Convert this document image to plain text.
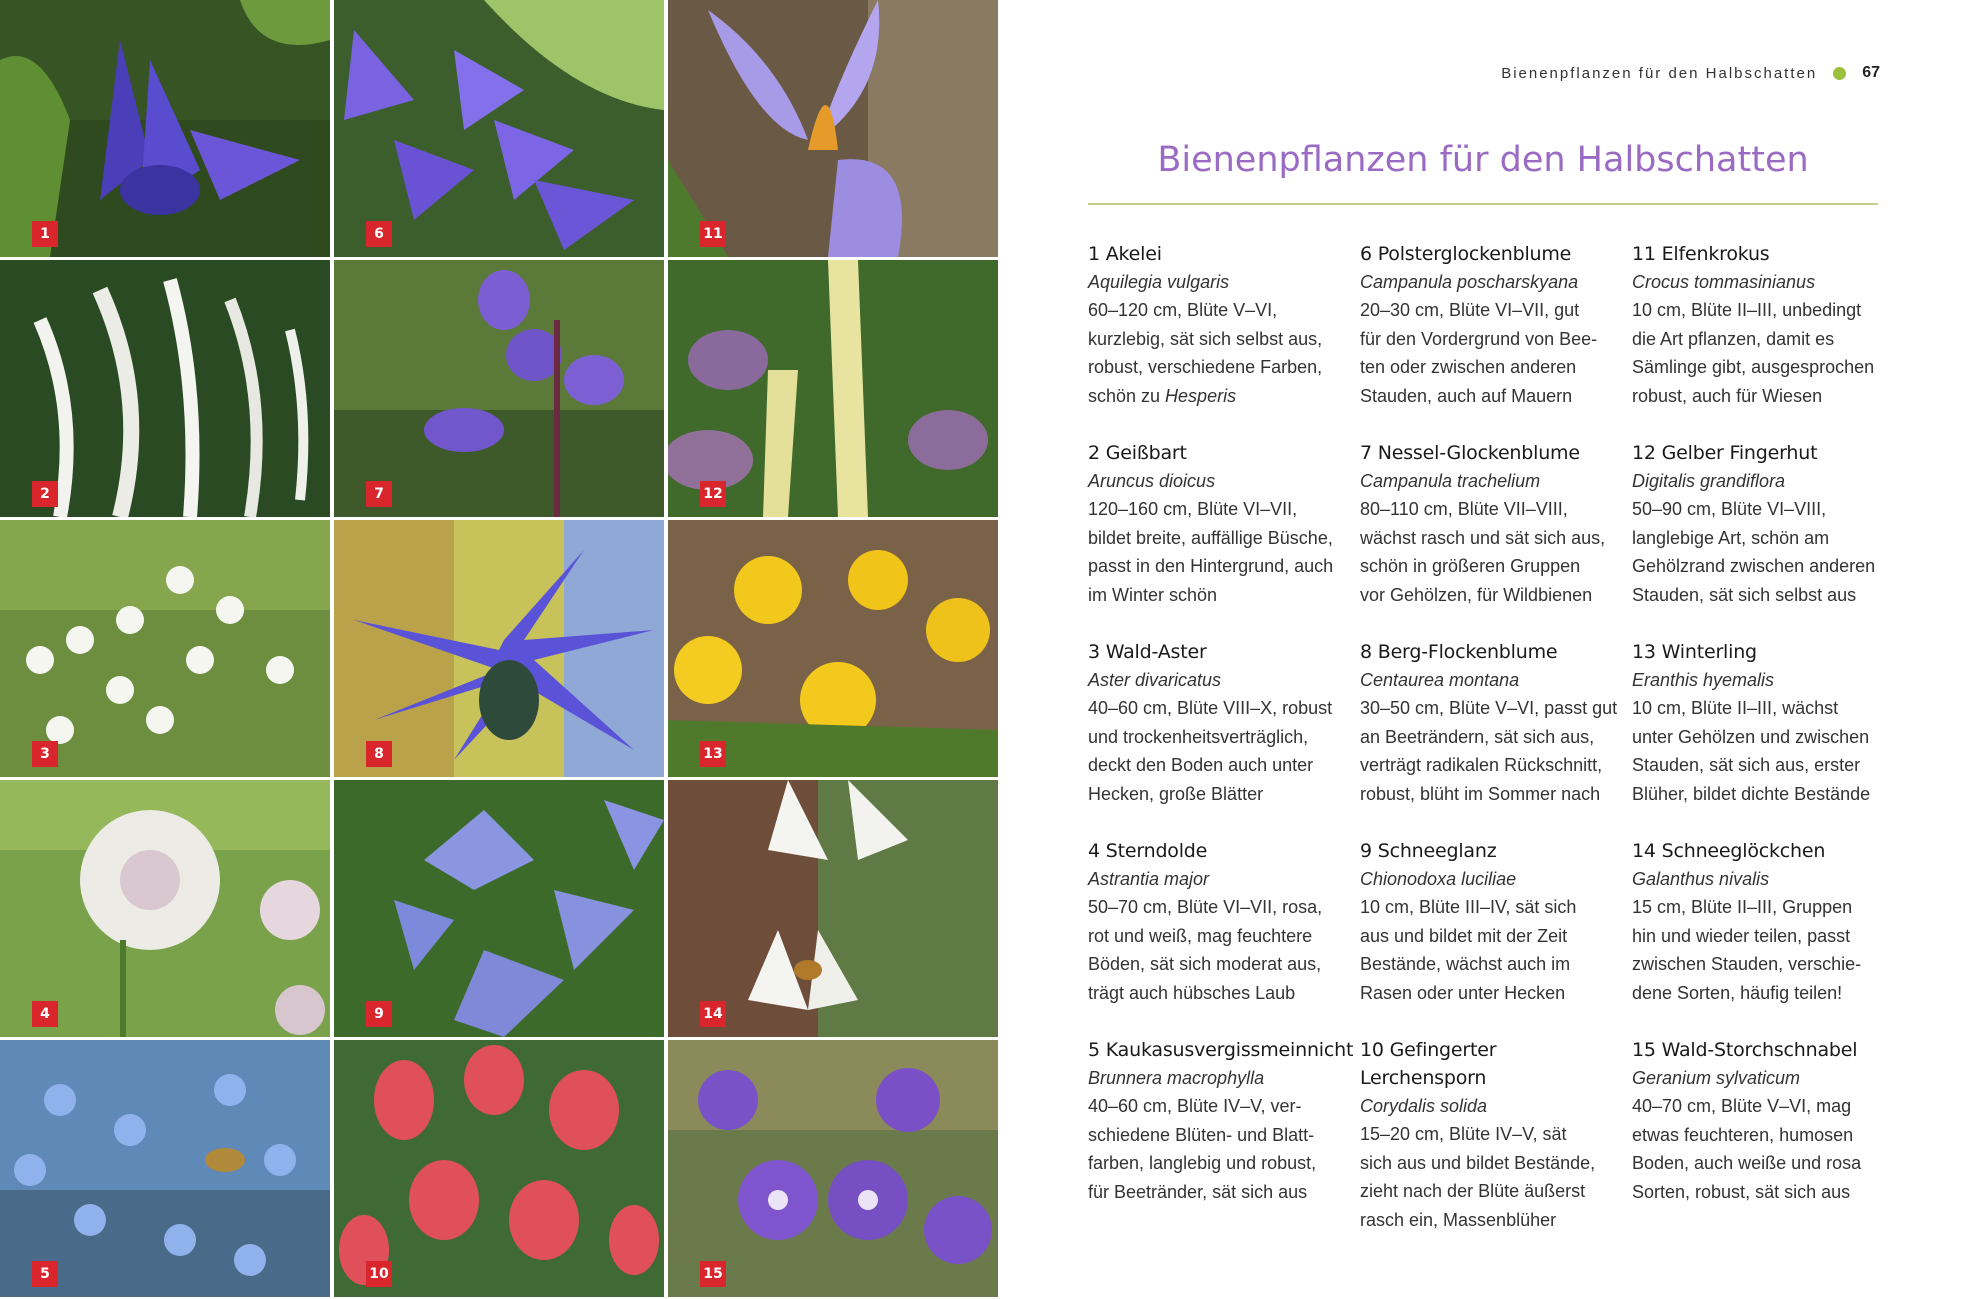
1	6	11
2	7	12
3	8	13
4	9	14
5	10	15
Bienenpflanzen für den Halbschatten	67
Bienenpflanzen für den Halbschatten
1 Akelei
Aquilegia vulgaris
60–120 cm, Blüte V–VI,
kurzlebig, sät sich selbst aus,
robust, verschiedene Farben,
schön zu Hesperis
6 Polsterglockenblume
Campanula poscharskyana
20–30 cm, Blüte VI–VII, gut
für den Vordergrund von Bee-
ten oder zwischen anderen
Stauden, auch auf Mauern
11 Elfenkrokus
Crocus tommasinianus
10 cm, Blüte II–III, unbedingt
die Art pflanzen, damit es
Sämlinge gibt, ausgesprochen
robust, auch für Wiesen
2 Geißbart
Aruncus dioicus
120–160 cm, Blüte VI–VII,
bildet breite, auffällige Büsche,
passt in den Hintergrund, auch
im Winter schön
7 Nessel-Glockenblume
Campanula trachelium
80–110 cm, Blüte VII–VIII,
wächst rasch und sät sich aus,
schön in größeren Gruppen
vor Gehölzen, für Wildbienen
12 Gelber Fingerhut
Digitalis grandiflora
50–90 cm, Blüte VI–VIII,
langlebige Art, schön am
Gehölzrand zwischen anderen
Stauden, sät sich selbst aus
3 Wald-Aster
Aster divaricatus
40–60 cm, Blüte VIII–X, robust
und trockenheitsverträglich,
deckt den Boden auch unter
Hecken, große Blätter
8 Berg-Flockenblume
Centaurea montana
30–50 cm, Blüte V–VI, passt gut
an Beeträndern, sät sich aus,
verträgt radikalen Rückschnitt,
robust, blüht im Sommer nach
13 Winterling
Eranthis hyemalis
10 cm, Blüte II–III, wächst
unter Gehölzen und zwischen
Stauden, sät sich aus, erster
Blüher, bildet dichte Bestände
4 Sterndolde
Astrantia major
50–70 cm, Blüte VI–VII, rosa,
rot und weiß, mag feuchtere
Böden, sät sich moderat aus,
trägt auch hübsches Laub
9 Schneeglanz
Chionodoxa luciliae
10 cm, Blüte III–IV, sät sich
aus und bildet mit der Zeit
Bestände, wächst auch im
Rasen oder unter Hecken
14 Schneeglöckchen
Galanthus nivalis
15 cm, Blüte II–III, Gruppen
hin und wieder teilen, passt
zwischen Stauden, verschie-
dene Sorten, häufig teilen!
5 Kaukasusvergissmeinnicht
Brunnera macrophylla
40–60 cm, Blüte IV–V, ver-
schiedene Blüten- und Blatt-
farben, langlebig und robust,
für Beetränder, sät sich aus
10 Gefingerter
Lerchensporn
Corydalis solida
15–20 cm, Blüte IV–V, sät
sich aus und bildet Bestände,
zieht nach der Blüte äußerst
rasch ein, Massenblüher
15 Wald-Storchschnabel
Geranium sylvaticum
40–70 cm, Blüte V–VI, mag
etwas feuchteren, humosen
Boden, auch weiße und rosa
Sorten, robust, sät sich aus
